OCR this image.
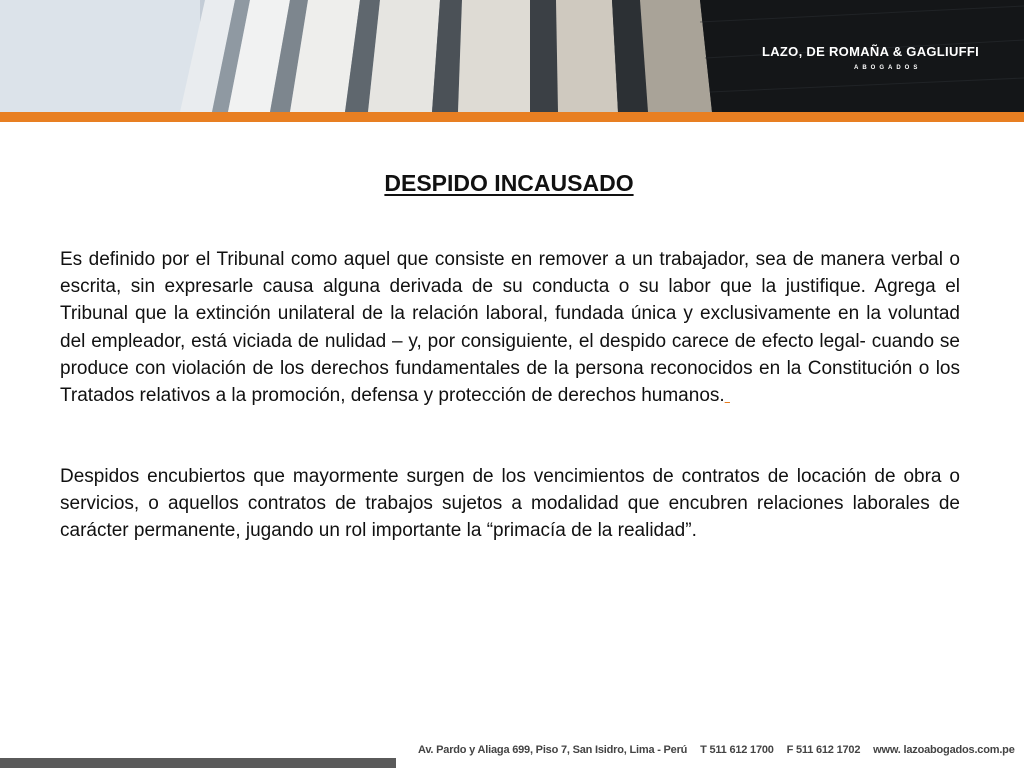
LAZO, DE ROMAÑA & GAGLIUFFI
ABOGADOS
DESPIDO INCAUSADO
Es definido por el Tribunal como aquel que consiste en remover a un trabajador, sea de manera verbal o escrita, sin expresarle causa alguna derivada de su conducta o su labor que la justifique. Agrega el Tribunal que la extinción unilateral de la relación laboral, fundada única y exclusivamente en la voluntad del empleador, está viciada de nulidad – y, por consiguiente, el despido carece de efecto legal- cuando se produce con violación de los derechos fundamentales de la persona reconocidos en la Constitución o los Tratados relativos a la promoción, defensa y protección de derechos humanos.
Despidos encubiertos que mayormente surgen de los vencimientos de contratos de locación de obra o servicios, o aquellos contratos de trabajos sujetos a modalidad que encubren relaciones laborales de carácter permanente, jugando un rol importante la “primacía de la realidad”.
Av. Pardo y Aliaga 699, Piso 7, San Isidro, Lima - Perú T 511 612 1700 F 511 612 1702 www. lazoabogados.com.pe
